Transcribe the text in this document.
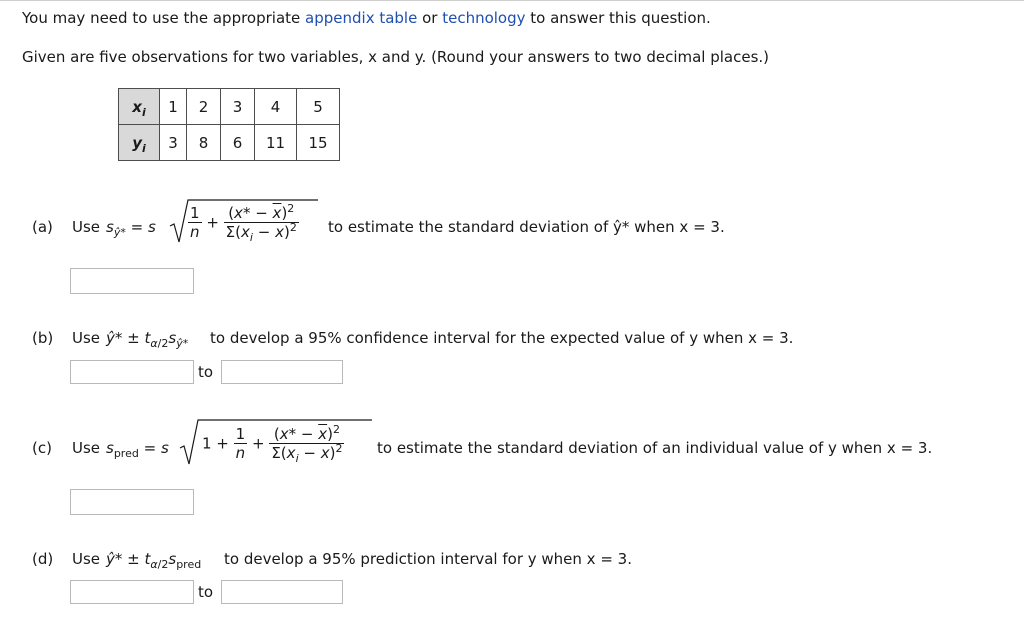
You may need to use the appropriate appendix table or technology to answer this question.
Given are five observations for two variables, x and y. (Round your answers to two decimal places.)
$x_i$	1	2	3	4	5
$y_i$	3	8	6	11	15
(a) Use $s_{ŷ*} = s \frac{1}{n} + \frac{(x* - \overline{x})^2}{\Sigma(x_i - \overline{x})^2}$ to estimate the standard deviation of ŷ* when x = 3.
(b) Use ŷ* ± $t_{\alpha/2}s_{ŷ*}$ to develop a 95% confidence interval for the expected value of y when x = 3.
to
(c) Use $s_{pred} = s$ $1 + \frac{1}{n} + \frac{(x* - \overline{x})^2}{\Sigma(x_i - \overline{x})^2}$ to estimate the standard deviation of an individual value of y when x = 3.
(d) Use ŷ* ± $t_{\alpha/2}s_{pred}$ to develop a 95% prediction interval for y when x = 3.
to
